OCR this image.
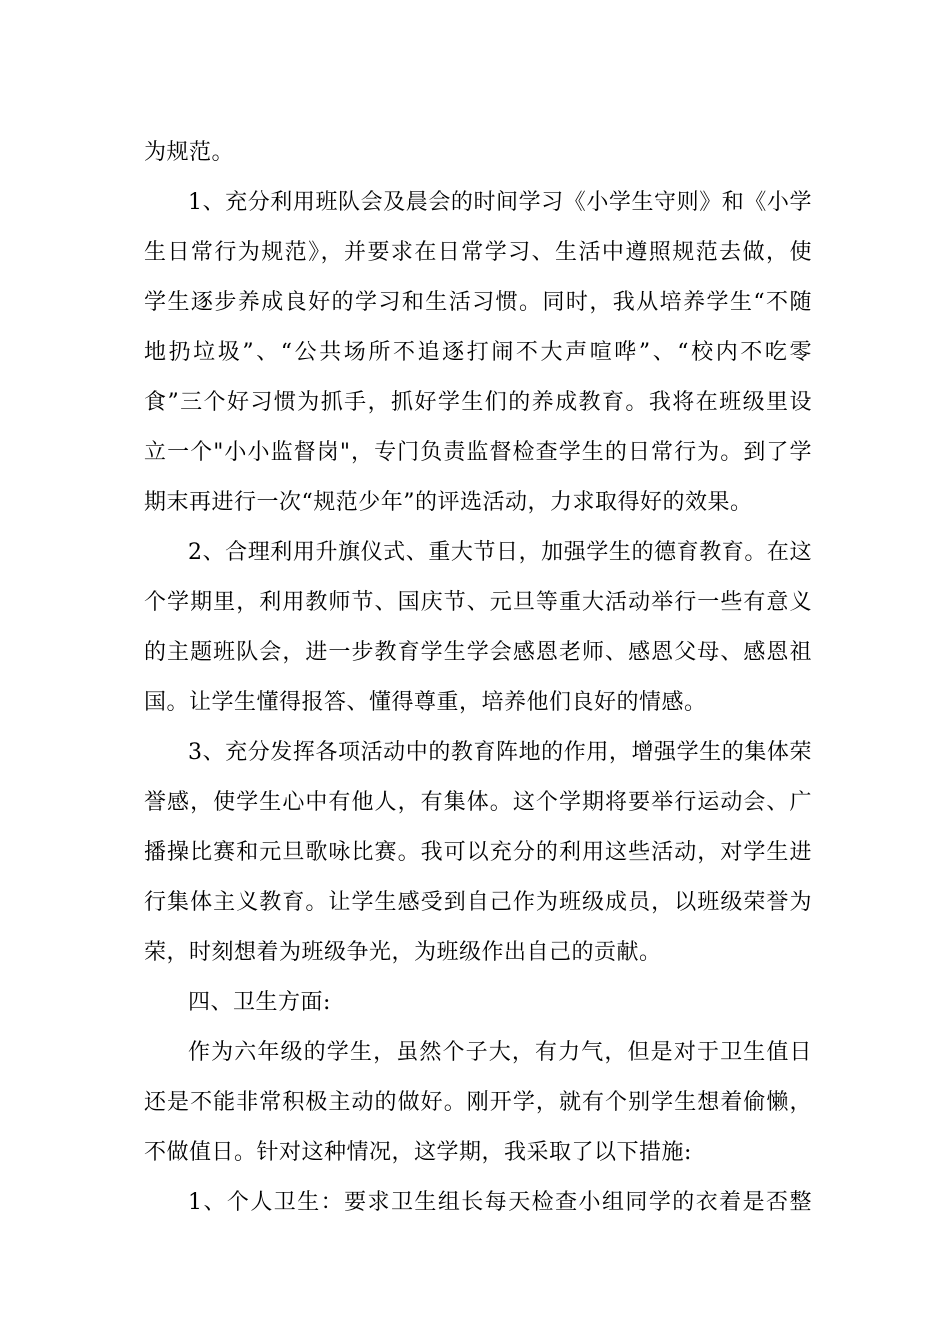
为规范。
1、充分利用班队会及晨会的时间学习《小学生守则》和《小学
生日常行为规范》，并要求在日常学习、生活中遵照规范去做，使
学生逐步养成良好的学习和生活习惯。同时，我从培养学生“不随
地扔垃圾”、“公共场所不追逐打闹不大声喧哗”、“校内不吃零
食”三个好习惯为抓手，抓好学生们的养成教育。我将在班级里设
立一个"小小监督岗"，专门负责监督检查学生的日常行为。到了学
期末再进行一次“规范少年”的评选活动，力求取得好的效果。
2、合理利用升旗仪式、重大节日，加强学生的德育教育。在这
个学期里，利用教师节、国庆节、元旦等重大活动举行一些有意义
的主题班队会，进一步教育学生学会感恩老师、感恩父母、感恩祖
国。让学生懂得报答、懂得尊重，培养他们良好的情感。
3、充分发挥各项活动中的教育阵地的作用，增强学生的集体荣
誉感，使学生心中有他人，有集体。这个学期将要举行运动会、广
播操比赛和元旦歌咏比赛。我可以充分的利用这些活动，对学生进
行集体主义教育。让学生感受到自己作为班级成员，以班级荣誉为
荣，时刻想着为班级争光，为班级作出自己的贡献。
四、卫生方面:
作为六年级的学生，虽然个子大，有力气，但是对于卫生值日
还是不能非常积极主动的做好。刚开学，就有个别学生想着偷懒，
不做值日。针对这种情况，这学期，我采取了以下措施:
1、个人卫生：要求卫生组长每天检查小组同学的衣着是否整
